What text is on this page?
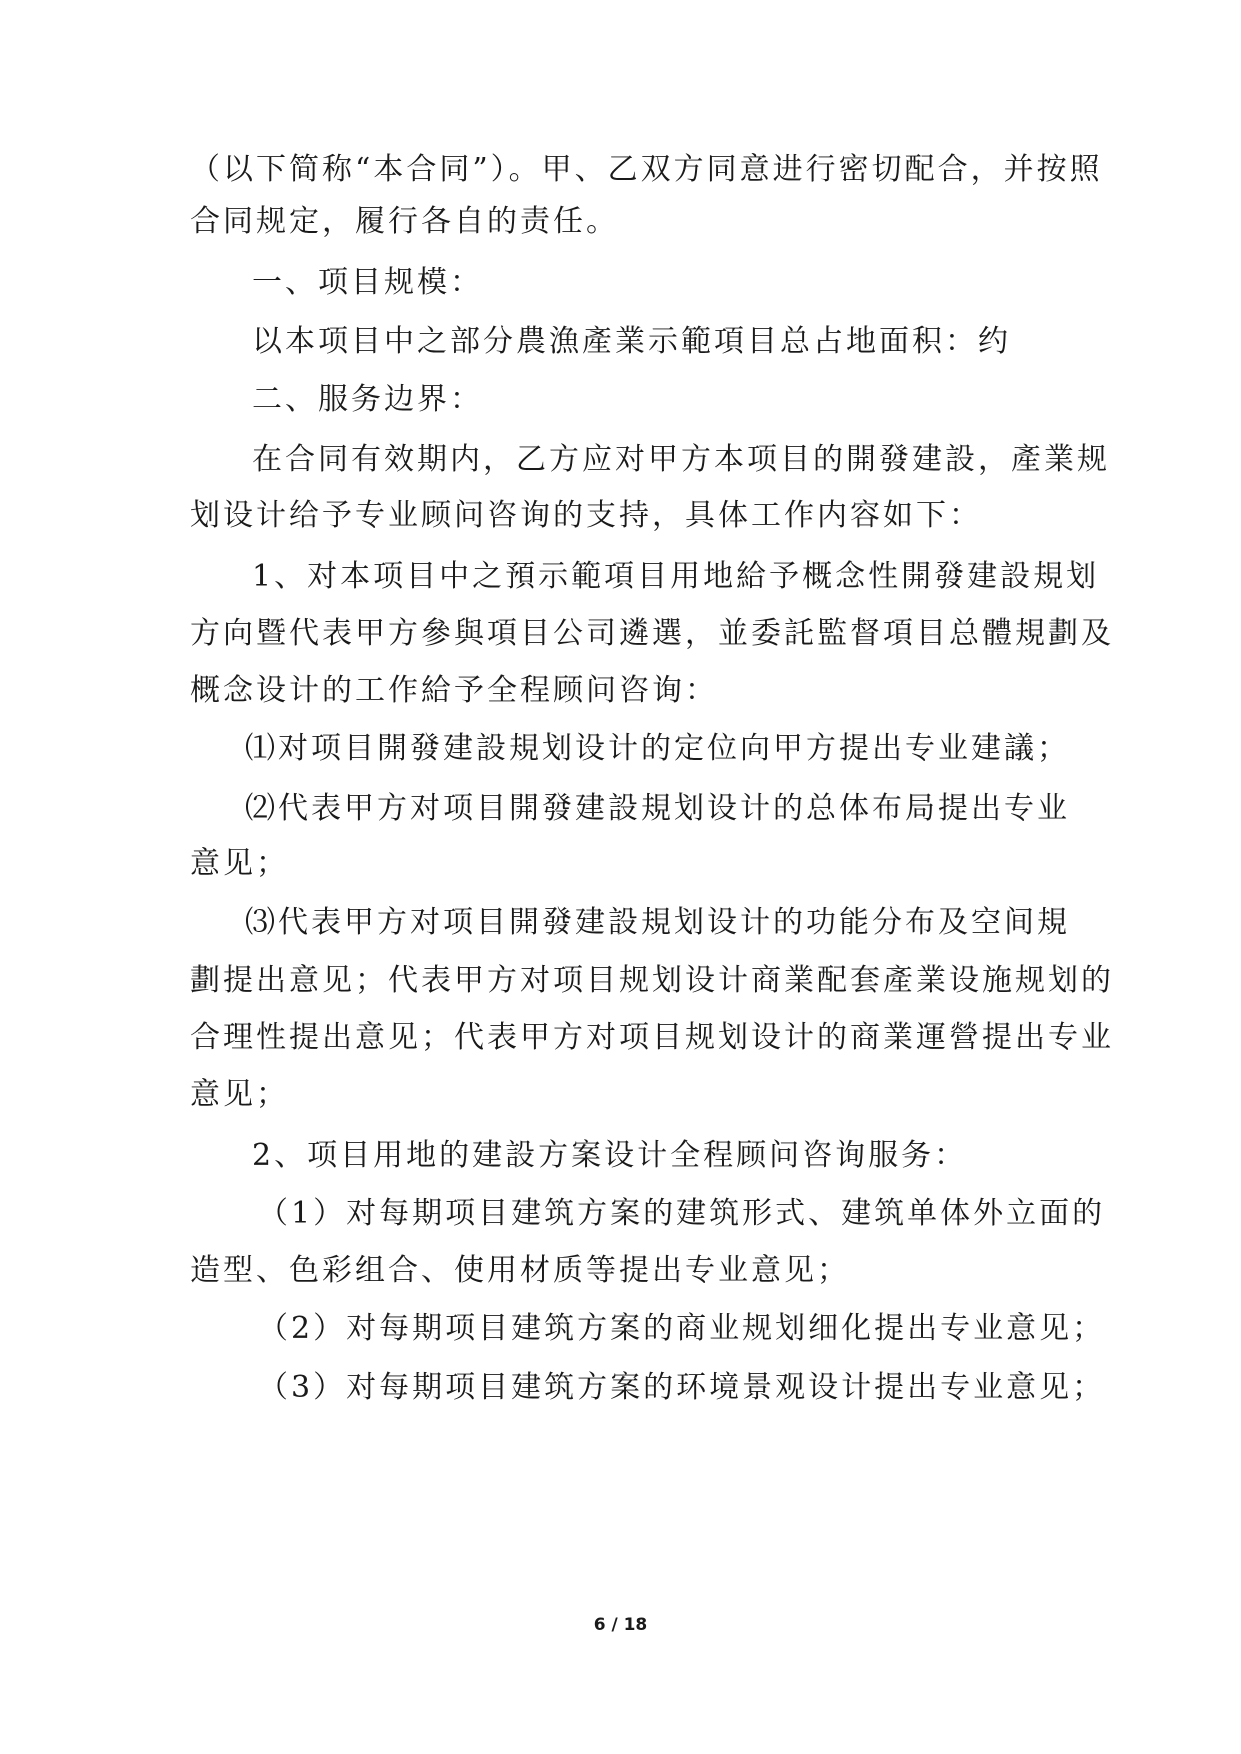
（以下简称“本合同”）。甲、乙双方同意进行密切配合，并按照
合同规定，履行各自的责任。
一、项目规模：
以本项目中之部分農漁產業示範項目总占地面积：约
二、服务边界：
在合同有效期内，乙方应对甲方本项目的開發建設，產業规
划设计给予专业顾问咨询的支持，具体工作内容如下：
1、对本项目中之預示範項目用地給予概念性開發建設規划
方向暨代表甲方參與項目公司遴選，並委託監督項目总體規劃及
概念设计的工作給予全程顾问咨询：
⑴对项目開發建設規划设计的定位向甲方提出专业建議；
⑵代表甲方对项目開發建設規划设计的总体布局提出专业
意见；
⑶代表甲方对项目開發建設規划设计的功能分布及空间規
劃提出意见；代表甲方对项目规划设计商業配套產業设施规划的
合理性提出意见；代表甲方对项目规划设计的商業運營提出专业
意见；
2、项目用地的建設方案设计全程顾问咨询服务：
（1）对每期项目建筑方案的建筑形式、建筑单体外立面的
造型、色彩组合、使用材质等提出专业意见；
（2）对每期项目建筑方案的商业规划细化提出专业意见；
（3）对每期项目建筑方案的环境景观设计提出专业意见；
6 / 18
